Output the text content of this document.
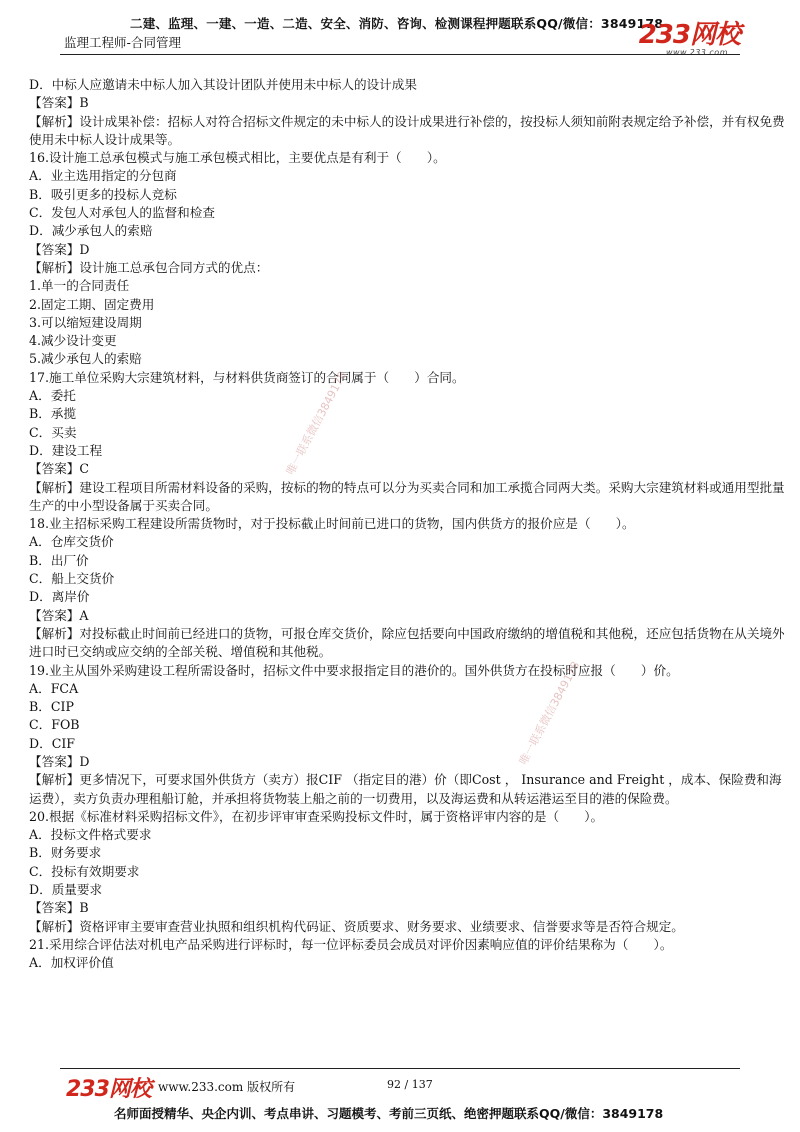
二建、监理、一建、一造、二造、安全、消防、咨询、检测课程押题联系QQ/微信：3849178
监理工程师-合同管理	233网校
www.233.com
D．中标人应邀请未中标人加入其设计团队并使用未中标人的设计成果
【答案】B
【解析】设计成果补偿：招标人对符合招标文件规定的未中标人的设计成果进行补偿的，按投标人须知前附表规定给予补偿，并有权免费使用未中标人设计成果等。
16.设计施工总承包模式与施工承包模式相比，主要优点是有利于（　　）。
A．业主选用指定的分包商
B．吸引更多的投标人竞标
C．发包人对承包人的监督和检查
D．减少承包人的索赔
【答案】D
【解析】设计施工总承包合同方式的优点：
1.单一的合同责任
2.固定工期、固定费用
3.可以缩短建设周期
4.减少设计变更
5.减少承包人的索赔
17.施工单位采购大宗建筑材料，与材料供货商签订的合同属于（　　）合同。
A．委托
B．承揽
C．买卖
D．建设工程
【答案】C
【解析】建设工程项目所需材料设备的采购，按标的物的特点可以分为买卖合同和加工承揽合同两大类。采购大宗建筑材料或通用型批量生产的中小型设备属于买卖合同。
18.业主招标采购工程建设所需货物时，对于投标截止时间前已进口的货物，国内供货方的报价应是（　　）。
A．仓库交货价
B．出厂价
C．船上交货价
D．离岸价
【答案】A
【解析】对投标截止时间前已经进口的货物，可报仓库交货价，除应包括要向中国政府缴纳的增值税和其他税，还应包括货物在从关境外进口时已交纳或应交纳的全部关税、增值税和其他税。
19.业主从国外采购建设工程所需设备时，招标文件中要求报指定目的港价的。国外供货方在投标时应报（　　）价。
A．FCA
B．CIP
C．FOB
D．CIF
【答案】D
【解析】更多情况下，可要求国外供货方（卖方）报CIF （指定目的港）价（即Cost ， Insurance and Freight ，成本、保险费和海运费），卖方负责办理租船订舱，并承担将货物装上船之前的一切费用，以及海运费和从转运港运至目的港的保险费。
20.根据《标准材料采购招标文件》，在初步评审审查采购投标文件时，属于资格评审内容的是（　　）。
A．投标文件格式要求
B．财务要求
C．投标有效期要求
D．质量要求
【答案】B
【解析】资格评审主要审查营业执照和组织机构代码证、资质要求、财务要求、业绩要求、信誉要求等是否符合规定。
21.采用综合评估法对机电产品采购进行评标时，每一位评标委员会成员对评价因素响应值的评价结果称为（　　）。
A．加权评价值
唯一联系微信3849178
唯一联系微信3849178
233网校 www.233.com 版权所有	92 / 137
名师面授精华、央企内训、考点串讲、习题模考、考前三页纸、绝密押题联系QQ/微信：3849178
